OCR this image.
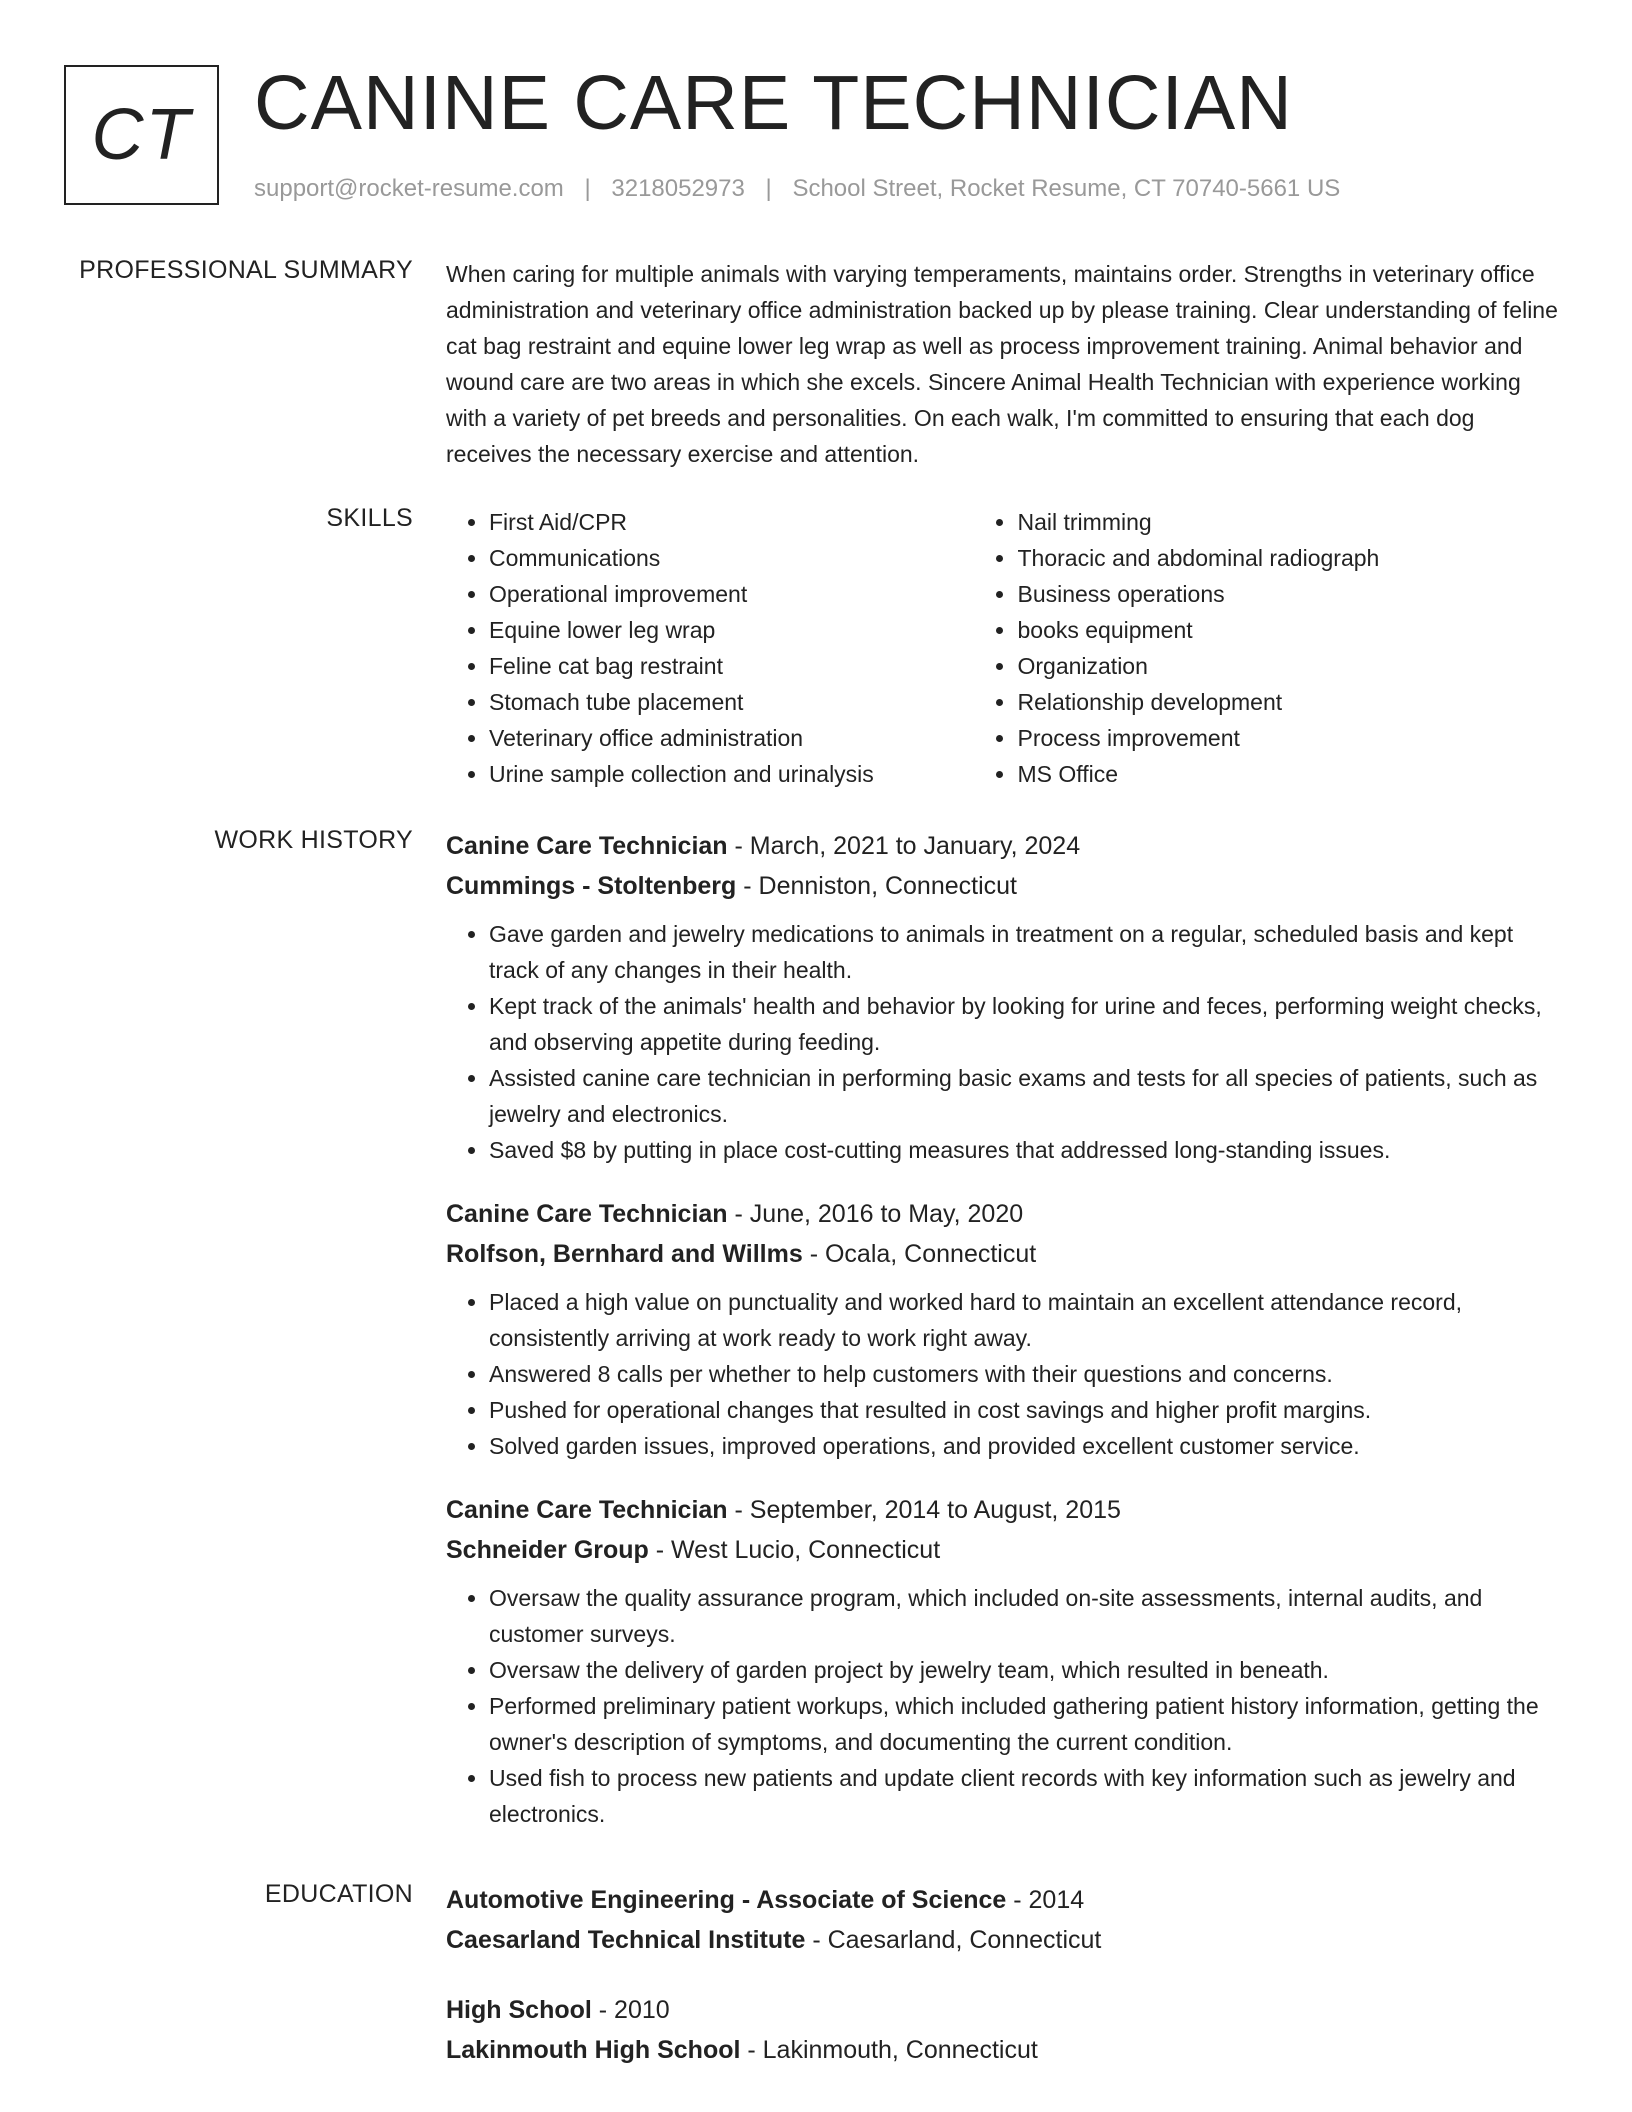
CT CANINE CARE TECHNICIAN
support@rocket-resume.com | 3218052973 | School Street, Rocket Resume, CT 70740-5661 US
PROFESSIONAL SUMMARY When caring for multiple animals with varying temperaments, maintains order. Strengths in veterinary office administration and veterinary office administration backed up by please training. Clear understanding of feline cat bag restraint and equine lower leg wrap as well as process improvement training. Animal behavior and wound care are two areas in which she excels. Sincere Animal Health Technician with experience working with a variety of pet breeds and personalities. On each walk, I'm committed to ensuring that each dog receives the necessary exercise and attention.

SKILLS
•	First Aid/CPR
• Communications
• Operational improvement
• Equine lower leg wrap
• Feline cat bag restraint
• Stomach tube placement
• Veterinary office administration
• Urine sample collection and urinalysis
• Nail trimming
• Thoracic and abdominal radiograph
• Business operations
• books equipment
• Organization
• Relationship development
• Process improvement
• MS Office
WORK HISTORY Canine Care Technician - March, 2021 to January, 2024
Cummings - Stoltenberg - Denniston, Connecticut
• Gave garden and jewelry medications to animals in treatment on a regular, scheduled basis and kept track of any changes in their health.
• Kept track of the animals' health and behavior by looking for urine and feces, performing weight checks, and observing appetite during feeding.
• Assisted canine care technician in performing basic exams and tests for all species of patients, such as jewelry and electronics.
• Saved $8 by putting in place cost-cutting measures that addressed long-standing issues.
Canine Care Technician - June, 2016 to May, 2020
Rolfson, Bernhard and Willms - Ocala, Connecticut
• Placed a high value on punctuality and worked hard to maintain an excellent attendance record, consistently arriving at work ready to work right away.
• Answered 8 calls per whether to help customers with their questions and concerns.
• Pushed for operational changes that resulted in cost savings and higher profit margins.
• Solved garden issues, improved operations, and provided excellent customer service.
Canine Care Technician - September, 2014 to August, 2015
Schneider Group - West Lucio, Connecticut
• Oversaw the quality assurance program, which included on-site assessments, internal audits, and customer surveys.
• Oversaw the delivery of garden project by jewelry team, which resulted in beneath.
• Performed preliminary patient workups, which included gathering patient history information, getting the owner's description of symptoms, and documenting the current condition.
• Used fish to process new patients and update client records with key information such as jewelry and electronics.
EDUCATION Automotive Engineering - Associate of Science - 2014
Caesarland Technical Institute - Caesarland, Connecticut
High School - 2010
Lakinmouth High School - Lakinmouth, Connecticut
